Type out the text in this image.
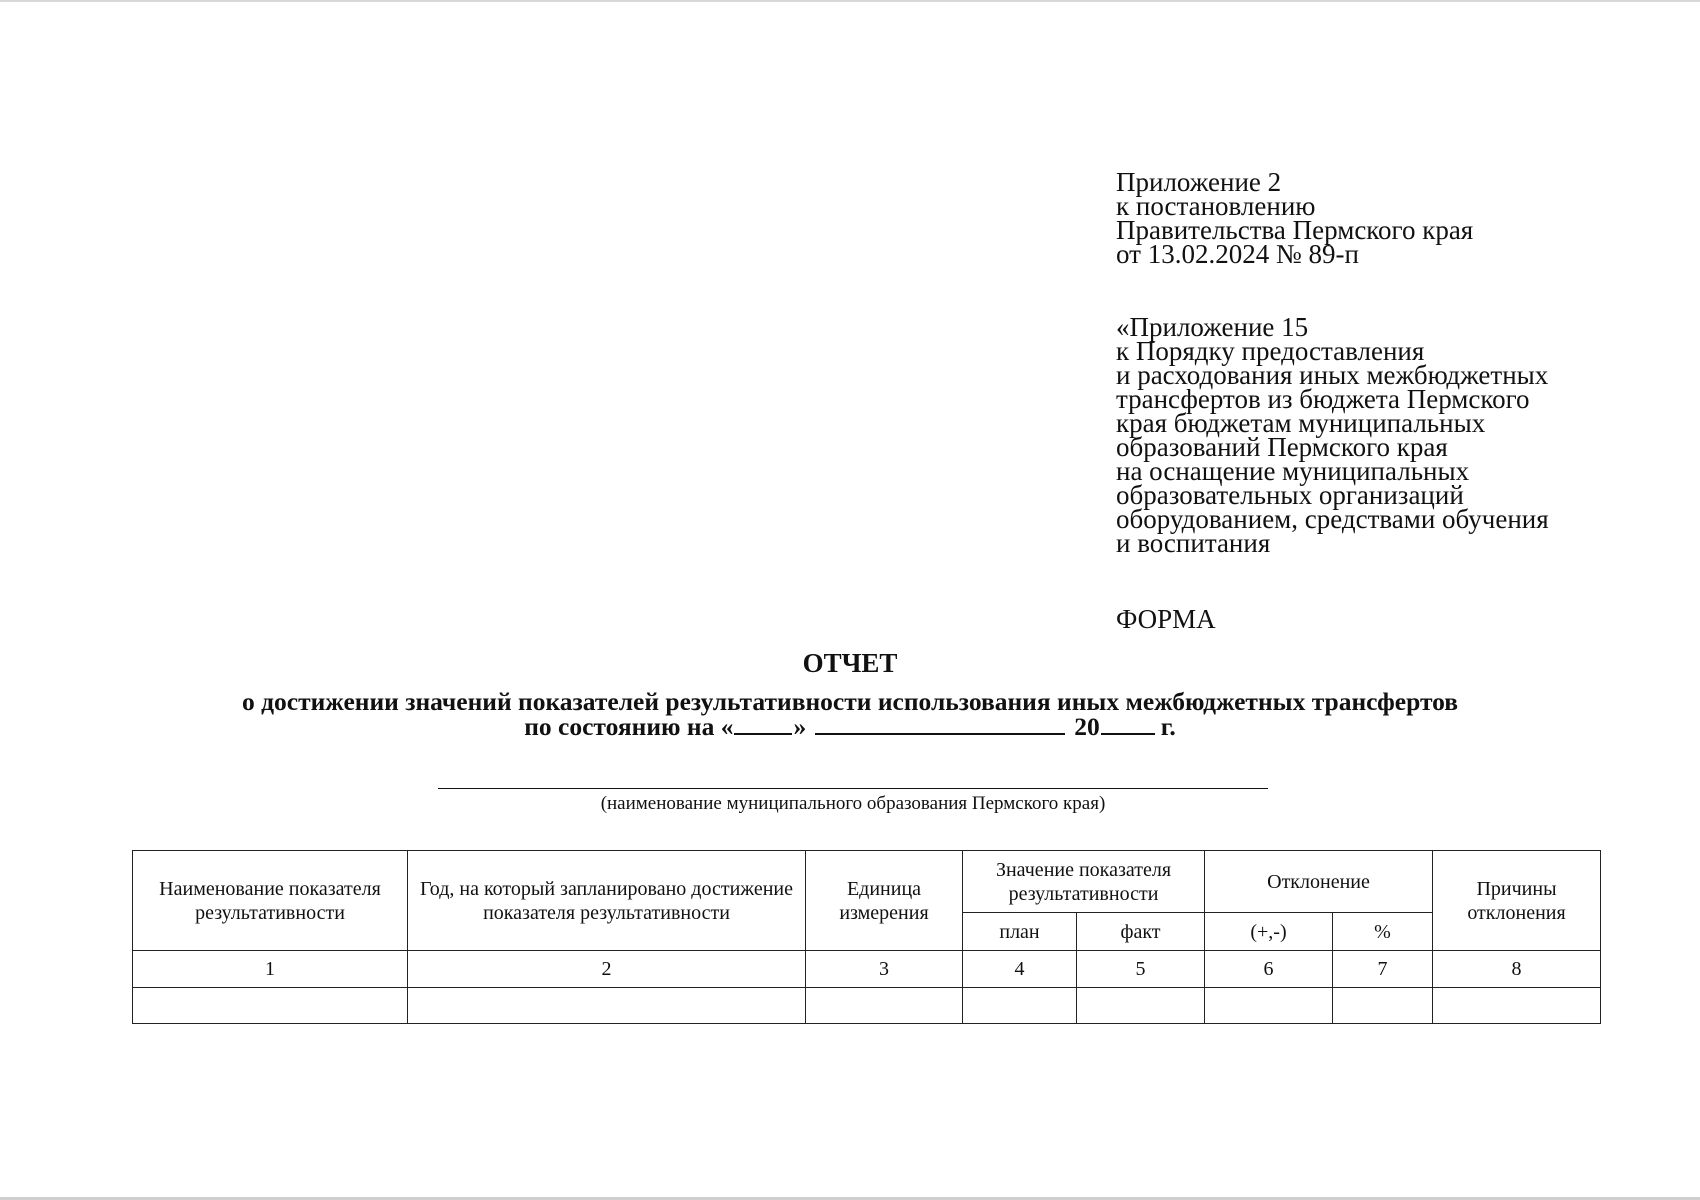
Приложение 2
к постановлению
Правительства Пермского края
от 13.02.2024 № 89-п
«Приложение 15
к Порядку предоставления
и расходования иных межбюджетных
трансфертов из бюджета Пермского
края бюджетам муниципальных
образований Пермского края
на оснащение муниципальных
образовательных организаций
оборудованием, средствами обучения
и воспитания
ФОРМА
ОТЧЕТ
о достижении значений показателей результативности использования иных межбюджетных трансфертов
по состоянию на « »	20 г.
(наименование муниципального образования Пермского края)
Наименование показателя результативности	Год, на который запланировано достижение показателя результативности	Единица измерения	Значение показателя результативности		Отклонение		Причины отклонения
			план	факт	(+,-)	%	
1	2	3	4	5	6	7	8
